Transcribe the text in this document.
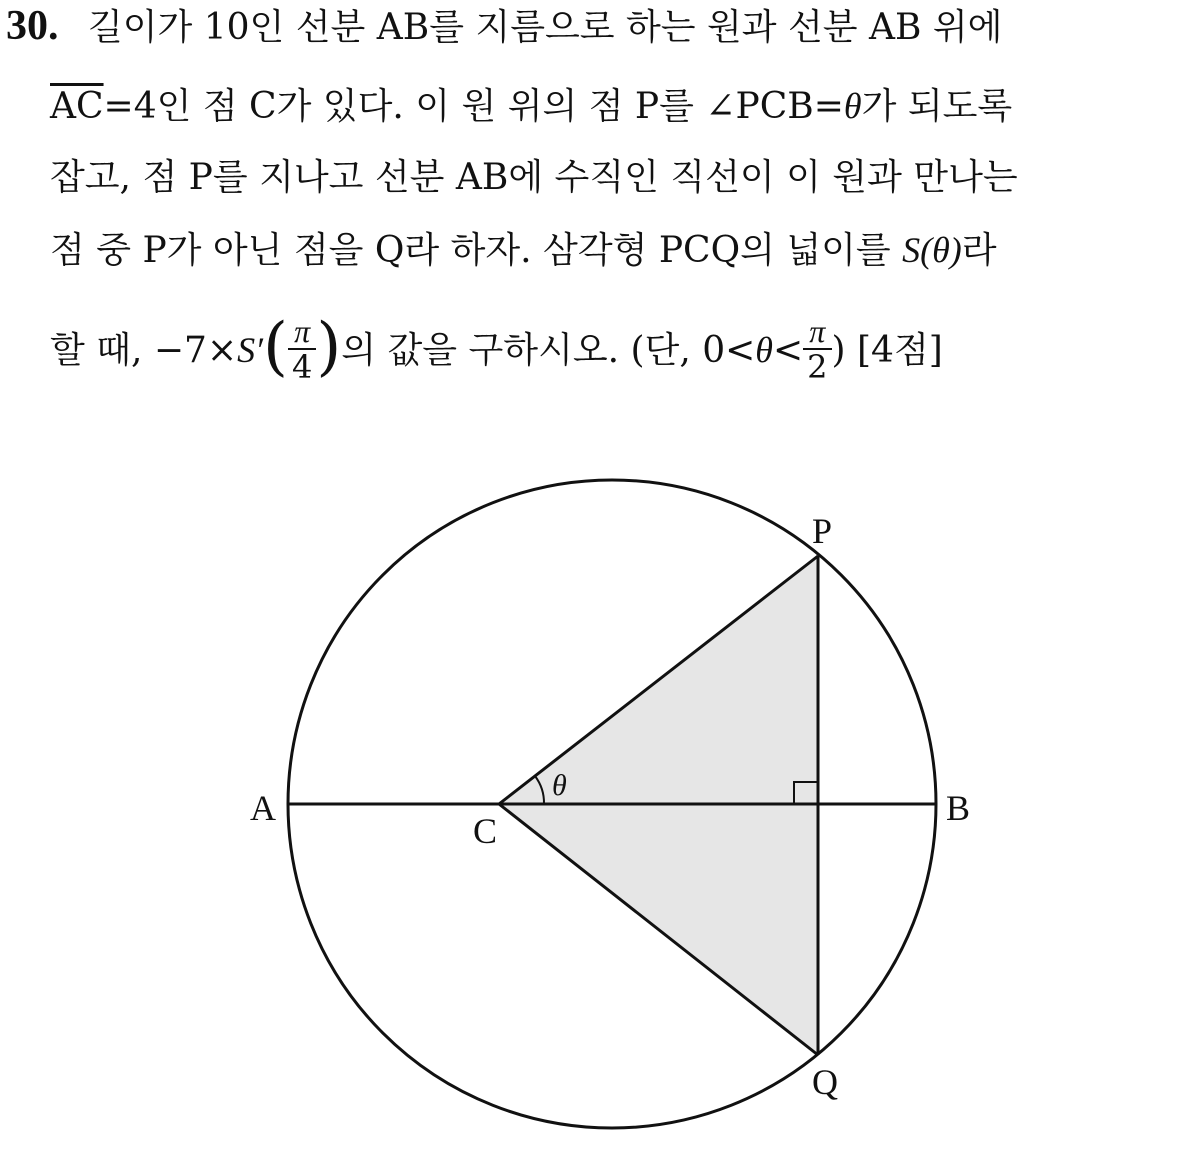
30. 길이가 10인 선분 AB를 지름으로 하는 원과 선분 AB 위에
$\overline{AC}=4$인 점 C가 있다. 이 원 위의 점 P를 ∠PCB=θ가 되도록
잡고, 점 P를 지나고 선분 AB에 수직인 직선이 이 원과 만나는
점 중 P가 아닌 점을 Q라 하자. 삼각형 PCQ의 넓이를 S(θ)라
할 때, $-7\times S'( \frac{\pi}{4}$ )의 값을 구하시오. (단, $0<\theta< \frac{\pi}{2}$ ) [4점]
θ
A	B
C
P
Q
